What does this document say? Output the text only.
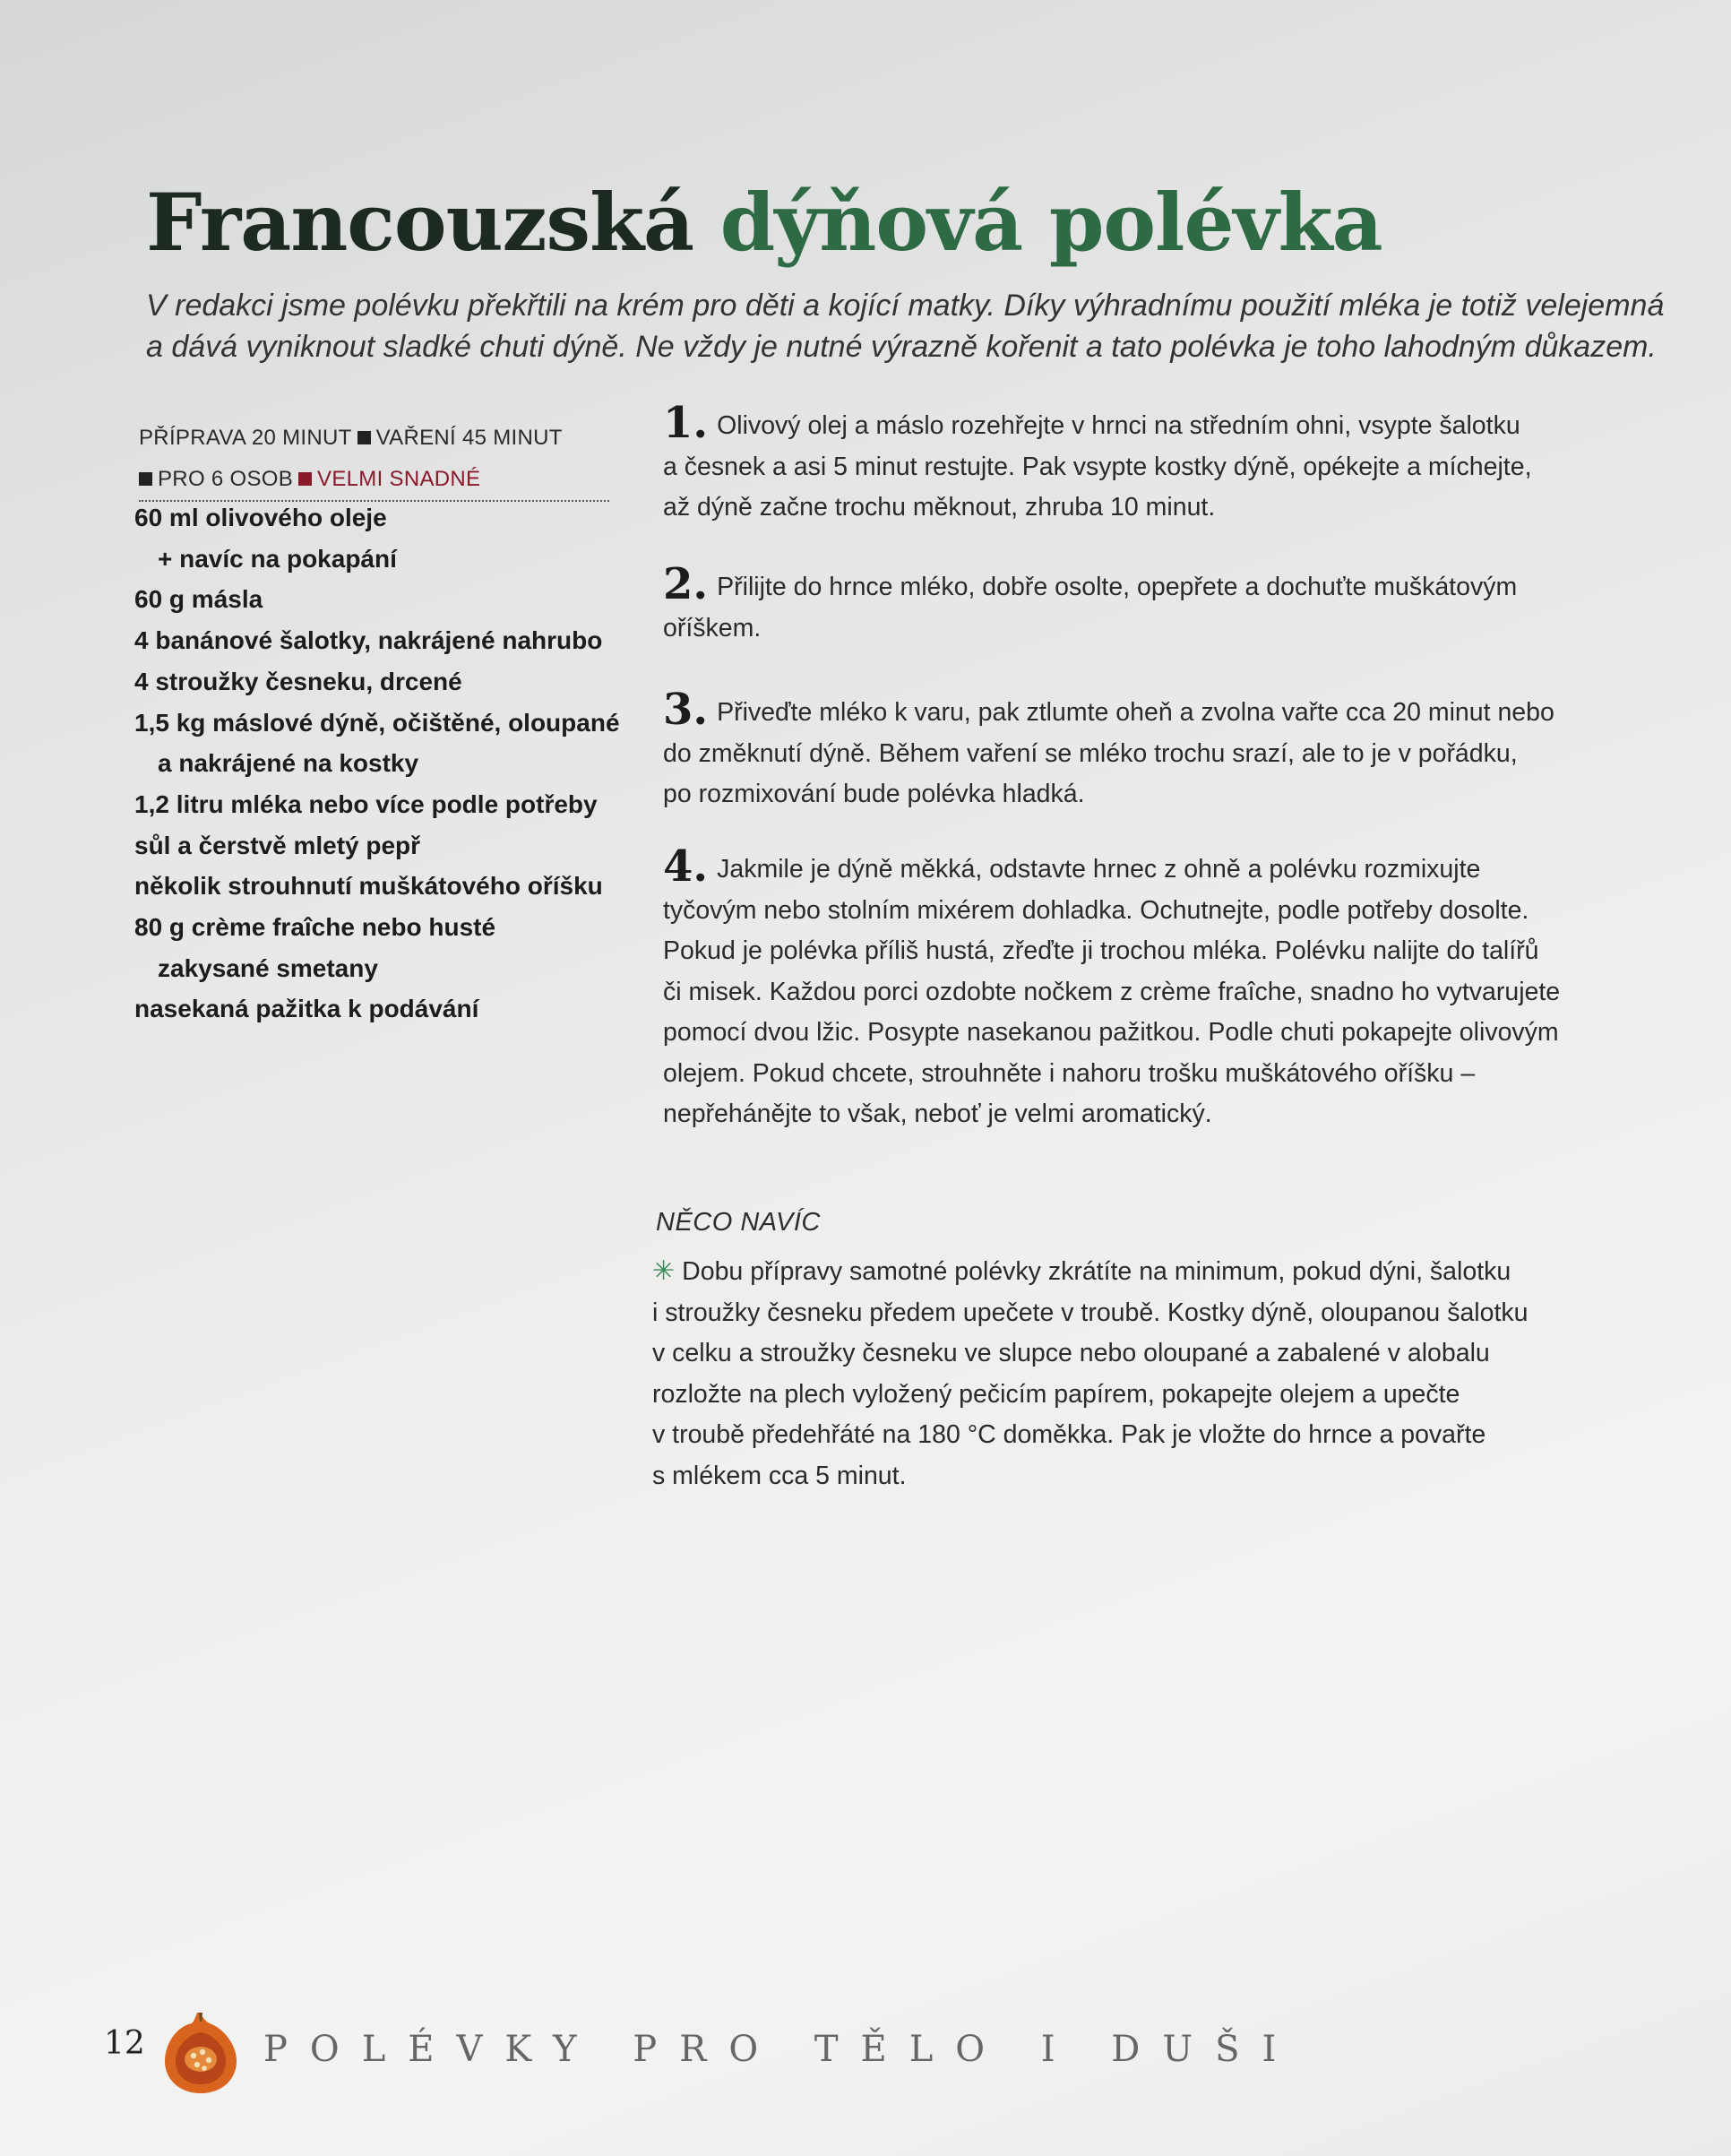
Francouzská dýňová polévka
V redakci jsme polévku překřtili na krém pro děti a kojící matky. Díky výhradnímu použití mléka je totiž velejemná
a dává vyniknout sladké chuti dýně. Ne vždy je nutné výrazně kořenit a tato polévka je toho lahodným důkazem.
PŘÍPRAVA 20 MINUT VAŘENÍ 45 MINUT
PRO 6 OSOB VELMI SNADNÉ
60 ml olivového oleje
+ navíc na pokapání
60 g másla
4 banánové šalotky, nakrájené nahrubo
4 stroužky česneku, drcené
1,5 kg máslové dýně, očištěné, oloupané
a nakrájené na kostky
1,2 litru mléka nebo více podle potřeby
sůl a čerstvě mletý pepř
několik strouhnutí muškátového oříšku
80 g crème fraîche nebo husté
zakysané smetany
nasekaná pažitka k podávání
1. Olivový olej a máslo rozehřejte v hrnci na středním ohni, vsypte šalotku
a česnek a asi 5 minut restujte. Pak vsypte kostky dýně, opékejte a míchejte,
až dýně začne trochu měknout, zhruba 10 minut.
2. Přilijte do hrnce mléko, dobře osolte, opepřete a dochuťte muškátovým
oříškem.
3. Přiveďte mléko k varu, pak ztlumte oheň a zvolna vařte cca 20 minut nebo
do změknutí dýně. Během vaření se mléko trochu srazí, ale to je v pořádku,
po rozmixování bude polévka hladká.
4. Jakmile je dýně měkká, odstavte hrnec z ohně a polévku rozmixujte
tyčovým nebo stolním mixérem dohladka. Ochutnejte, podle potřeby dosolte.
Pokud je polévka příliš hustá, zřeďte ji trochou mléka. Polévku nalijte do talířů
či misek. Každou porci ozdobte nočkem z crème fraîche, snadno ho vytvarujete
pomocí dvou lžic. Posypte nasekanou pažitkou. Podle chuti pokapejte olivovým
olejem. Pokud chcete, strouhněte i nahoru trošku muškátového oříšku –
nepřehánějte to však, neboť je velmi aromatický.
NĚCO NAVÍC
✳ Dobu přípravy samotné polévky zkrátíte na minimum, pokud dýni, šalotku
i stroužky česneku předem upečete v troubě. Kostky dýně, oloupanou šalotku
v celku a stroužky česneku ve slupce nebo oloupané a zabalené v alobalu
rozložte na plech vyložený pečicím papírem, pokapejte olejem a upečte
v troubě předehřáté na 180 °C doměkka. Pak je vložte do hrnce a povařte
s mlékem cca 5 minut.
12	POLÉVKY PRO TĚLO I DUŠI
